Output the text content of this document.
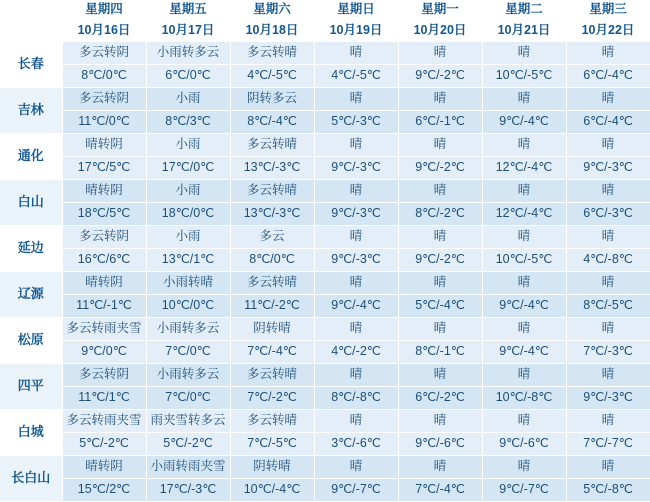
	星期四	星期五	星期六	星期日	星期一	星期二	星期三
	10月16日	10月17日	10月18日	10月19日	10月20日	10月21日	10月22日
长春	多云转阴	小雨转多云	多云转晴	晴	晴	晴	晴
	8℃/0℃	6℃/0℃	4℃/-5℃	4℃/-5℃	9℃/-2℃	10℃/-5℃	6℃/-4℃
吉林	多云转阴	小雨	阴转多云	晴	晴	晴	晴
	11℃/0℃	8℃/3℃	8℃/-4℃	5℃/-3℃	6℃/-1℃	9℃/-4℃	6℃/-4℃
通化	晴转阴	小雨	多云转晴	晴	晴	晴	晴
	17℃/5℃	17℃/0℃	13℃/-3℃	9℃/-3℃	9℃/-2℃	12℃/-4℃	9℃/-3℃
白山	晴转阴	小雨	多云转晴	晴	晴	晴	晴
	18℃/5℃	18℃/0℃	13℃/-3℃	9℃/-3℃	8℃/-2℃	12℃/-4℃	6℃/-3℃
延边	多云转阴	小雨	多云	晴	晴	晴	晴
	16℃/6℃	13℃/1℃	8℃/0℃	9℃/-3℃	9℃/-2℃	10℃/-5℃	4℃/-8℃
辽源	晴转阴	小雨转晴	多云转晴	晴	晴	晴	晴
	11℃/-1℃	10℃/0℃	11℃/-2℃	9℃/-4℃	5℃/-4℃	9℃/-4℃	8℃/-5℃
松原	多云转雨夹雪	小雨转多云	阴转晴	晴	晴	晴	晴
	9℃/0℃	7℃/0℃	7℃/-4℃	4℃/-2℃	8℃/-1℃	9℃/-4℃	7℃/-3℃
四平	多云转阴	小雨转多云	多云转晴	晴	晴	晴	晴
	11℃/1℃	7℃/0℃	7℃/-2℃	8℃/-8℃	6℃/-2℃	10℃/-8℃	9℃/-3℃
白城	多云转雨夹雪	雨夹雪转多云	多云转晴	晴	晴	晴	晴
	5℃/-2℃	5℃/-2℃	7℃/-5℃	3℃/-6℃	9℃/-6℃	9℃/-6℃	7℃/-7℃
长白山	晴转阴	小雨转雨夹雪	阴转晴	晴	晴	晴	晴
	15℃/2℃	17℃/-3℃	10℃/-4℃	9℃/-7℃	7℃/-4℃	9℃/-7℃	5℃/-8℃
